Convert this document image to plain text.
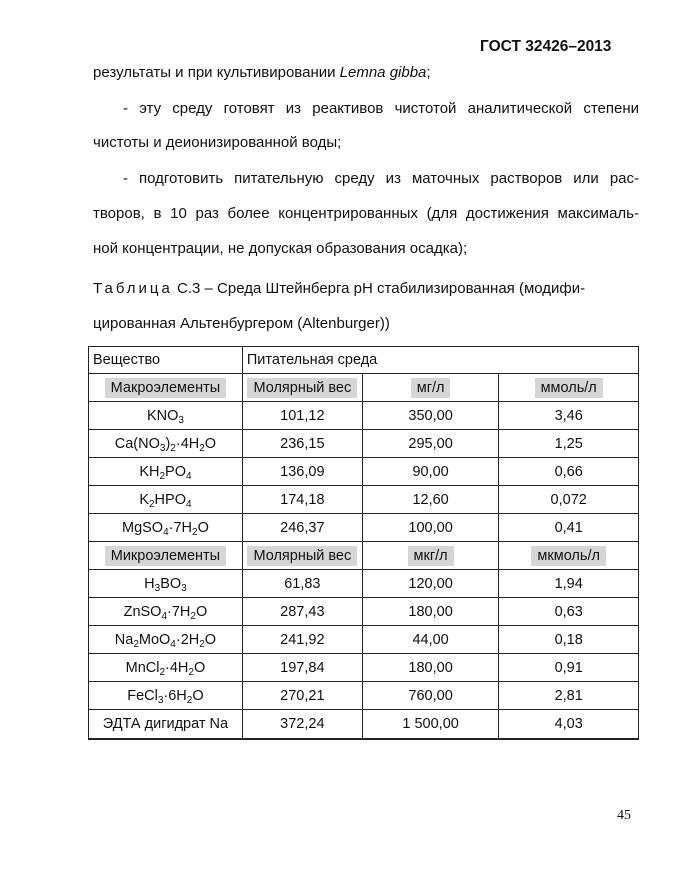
ГОСТ 32426–2013
результаты и при культивировании Lemna gibba;
- эту среду готовят из реактивов чистотой аналитической степени
чистоты и деионизированной воды;
- подготовить питательную среду из маточных растворов или рас-
творов, в 10 раз более концентрированных (для достижения максималь-
ной концентрации, не допуская образования осадка);
Таблица С.3 – Среда Штейнберга рН стабилизированная (модифи-
цированная Альтенбургером (Altenburger))
Вещество	Питательная среда		
Макроэлементы	Молярный вес	мг/л	ммоль/л
$KNO_3$	101,12	350,00	3,46
$Ca(NO_3)_2\cdot 4H_2O$	236,15	295,00	1,25
$KH_2PO_4$	136,09	90,00	0,66
$K_2HPO_4$	174,18	12,60	0,072
$MgSO_4\cdot 7H_2O$	246,37	100,00	0,41
Микроэлементы	Молярный вес	мкг/л	мкмоль/л
$H_3BO_3$	61,83	120,00	1,94
$ZnSO_4\cdot 7H_2O$	287,43	180,00	0,63
$Na_2MoO_4\cdot 2H_2O$	241,92	44,00	0,18
$MnCl_2\cdot 4H_2O$	197,84	180,00	0,91
$FeCl_3\cdot 6H_2O$	270,21	760,00	2,81
ЭДТА дигидрат Na	372,24	1 500,00	4,03
45
